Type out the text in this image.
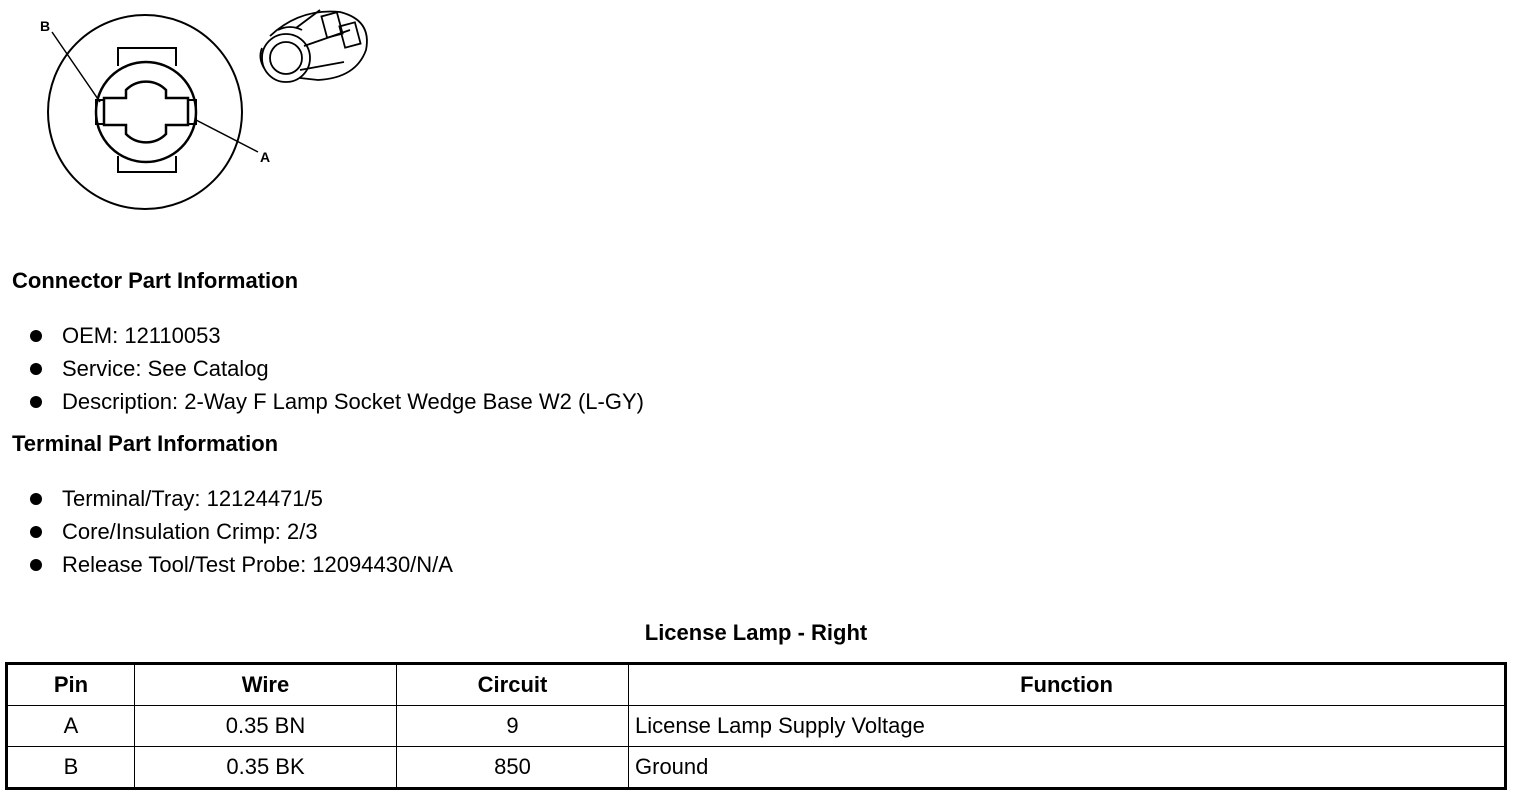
B
A
Connector Part Information
OEM: 12110053
Service: See Catalog
Description: 2-Way F Lamp Socket Wedge Base W2 (L-GY)
Terminal Part Information
Terminal/Tray: 12124471/5
Core/Insulation Crimp: 2/3
Release Tool/Test Probe: 12094430/N/A
License Lamp - Right
Pin	Wire	Circuit	Function
A	0.35 BN	9	License Lamp Supply Voltage
B	0.35 BK	850	Ground
